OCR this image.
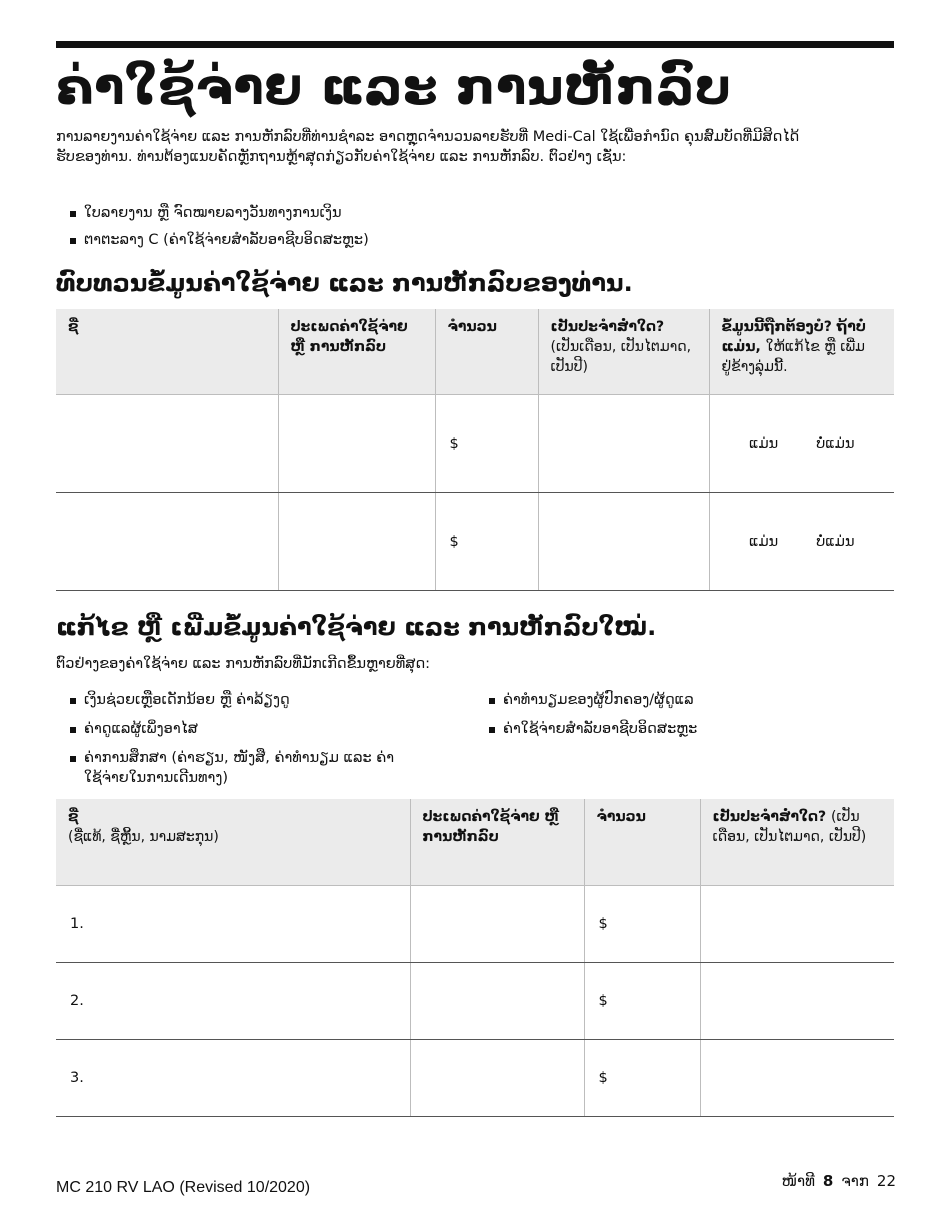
ຄ່າໃຊ້ຈ່າຍ ແລະ ການຫັກລົບ
ການລາຍງານຄ່າໃຊ້ຈ່າຍ ແລະ ການຫັກລົບທີ່ທ່ານຊຳລະ ອາດຫຼຸດຈຳນວນລາຍຮັບທີ່ Medi-Cal ໃຊ້ເພື່ອກຳນົດ ຄຸນສົມບັດທີ່ມີສິດໄດ້ຮັບຂອງທ່ານ. ທ່ານຕ້ອງແນບຄັດຫຼັກຖານຫຼ້າສຸດກ່ຽວກັບຄ່າໃຊ້ຈ່າຍ ແລະ ການຫັກລົບ. ຕົວຢ່າງ ເຊັ່ນ:
ໃບລາຍງານ ຫຼື ຈົດໝາຍລາງວັນທາງການເງິນ
ຕາຕະລາງ C (ຄ່າໃຊ້ຈ່າຍສຳລັບອາຊີບອິດສະຫຼະ)
ທົບທວນຂໍ້ມູນຄ່າໃຊ້ຈ່າຍ ແລະ ການຫັກລົບຂອງທ່ານ.
ຊື່	ປະເພດຄ່າໃຊ້ຈ່າຍ ຫຼື ການຫັກລົບ	ຈຳນວນ	ເປັນປະຈຳສ່ຳໃດ?
(ເປັນເດືອນ, ເປັນໄຕມາດ, ເປັນປີ)	ຂໍ້ມູນນີ້ຖືກຕ້ອງບໍ? ຖ້າບໍ່ແມ່ນ, ໃຫ້ແກ້ໄຂ ຫຼື ເພີ່ມຢູ່ຂ້າງລຸ່ມນີ້.
		$		ແມ່ນ ບໍ່ແມ່ນ

		$		ແມ່ນ ບໍ່ແມ່ນ
ແກ້ໄຂ ຫຼື ເພີ່ມຂໍ້ມູນຄ່າໃຊ້ຈ່າຍ ແລະ ການຫັກລົບໃໝ່.
ຕົວຢ່າງຂອງຄ່າໃຊ້ຈ່າຍ ແລະ ການຫັກລົບທີ່ມັກເກີດຂຶ້ນຫຼາຍທີ່ສຸດ:
ເງິນຊ່ວຍເຫຼືອເດັກນ້ອຍ ຫຼື ຄ່າລ້ຽງດູ
ຄ່າດູແລຜູ້ເພິ່ງອາໄສ
ຄ່າການສຶກສາ (ຄ່າຮຽນ, ໜັງສື, ຄ່າທຳນຽມ ແລະ ຄ່າໃຊ້ຈ່າຍໃນການເດີນທາງ)
ຄ່າທຳນຽມຂອງຜູ້ປົກຄອງ/ຜູ້ດູແລ
ຄ່າໃຊ້ຈ່າຍສຳລັບອາຊີບອິດສະຫຼະ
ຊື່
(ຊື່ແທ້, ຊື່ຫຼິ້ນ, ນາມສະກຸນ)	ປະເພດຄ່າໃຊ້ຈ່າຍ ຫຼື ການຫັກລົບ	ຈຳນວນ	ເປັນປະຈຳສ່ຳໃດ? (ເປັນເດືອນ, ເປັນໄຕມາດ, ເປັນປີ)
1.		$	
2.		$	
3.		$	
MC 210 RV LAO (Revised 10/2020)	ໜ້າທີ 8 ຈາກ 22
